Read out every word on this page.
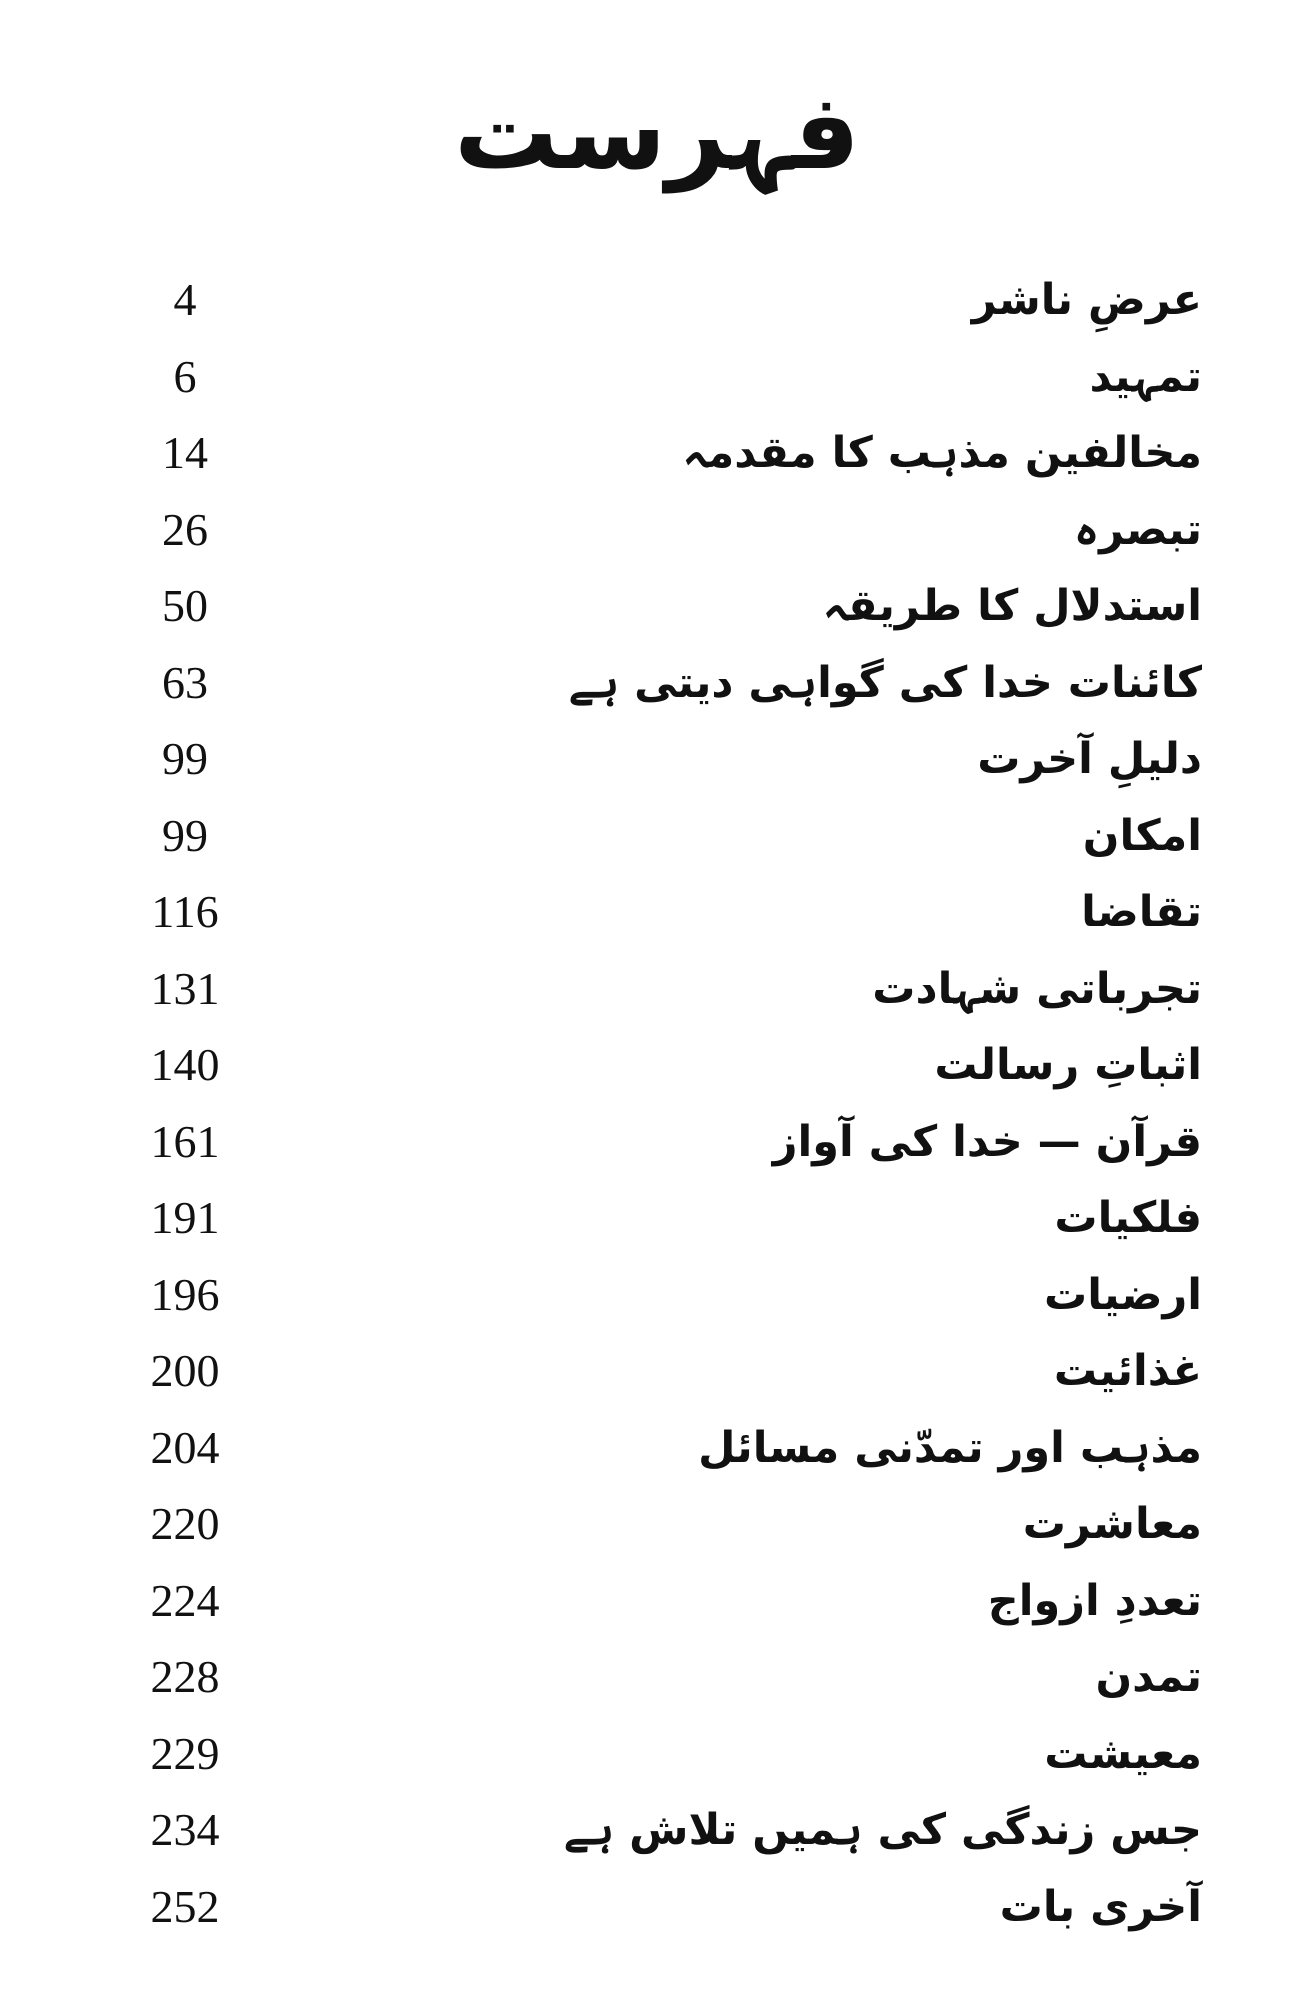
فہرست
4	عرضِ ناشر
6	تمہید
14	مخالفین مذہب کا مقدمہ
26	تبصرہ
50	استدلال کا طریقہ
63	کائنات خدا کی گواہی دیتی ہے
99	دلیلِ آخرت
99	امکان
116	تقاضا
131	تجرباتی شہادت
140	اثباتِ رسالت
161	قرآن — خدا کی آواز
191	فلکیات
196	ارضیات
200	غذائیت
204	مذہب اور تمدّنی مسائل
220	معاشرت
224	تعددِ ازواج
228	تمدن
229	معیشت
234	جس زندگی کی ہمیں تلاش ہے
252	آخری بات
